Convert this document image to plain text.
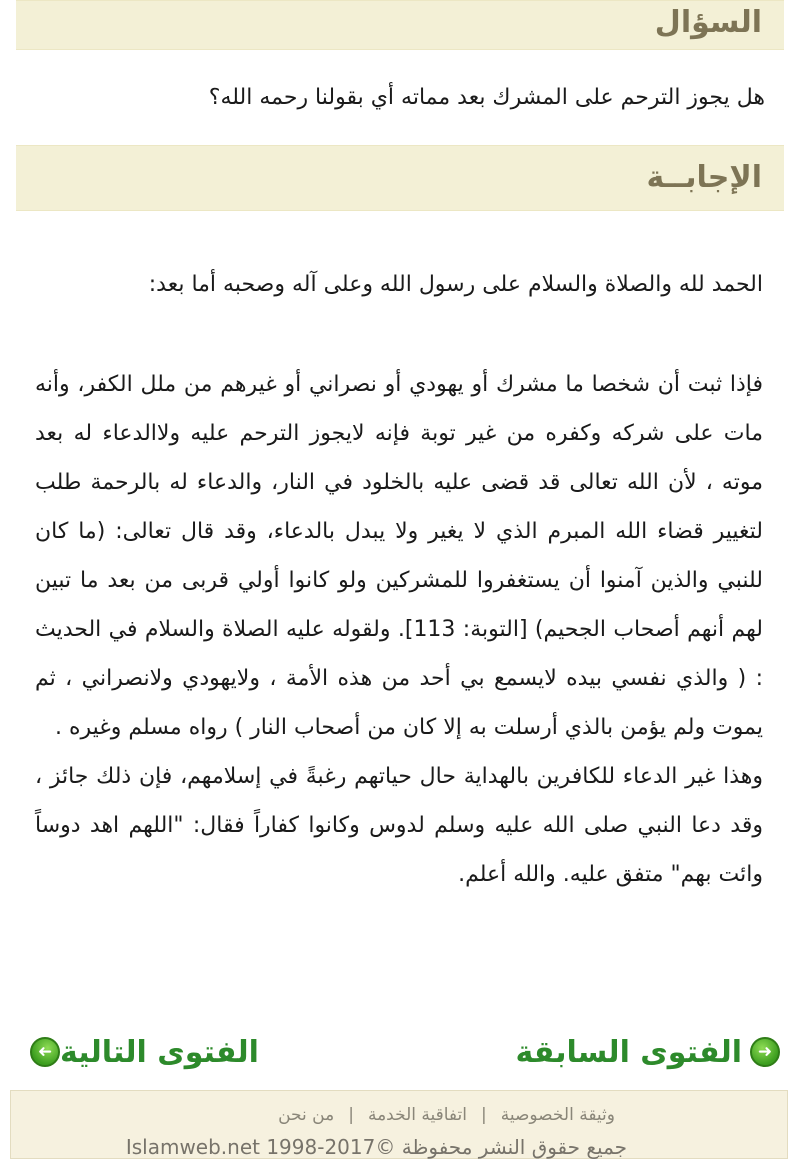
السؤال
هل يجوز الترحم على المشرك بعد مماته أي بقولنا رحمه الله؟
الإجابــة
الحمد لله والصلاة والسلام على رسول الله وعلى آله وصحبه أما بعد:

فإذا ثبت أن شخصا ما مشرك أو يهودي أو نصراني أو غيرهم من ملل الكفر، وأنه مات على شركه وكفره من غير توبة فإنه لايجوز الترحم عليه ولاالدعاء له بعد موته ، لأن الله تعالى قد قضى عليه بالخلود في النار، والدعاء له بالرحمة طلب لتغيير قضاء الله المبرم الذي لا يغير ولا يبدل بالدعاء، وقد قال تعالى: (ما كان للنبي والذين آمنوا أن يستغفروا للمشركين ولو كانوا أولي قربى من بعد ما تبين لهم أنهم أصحاب الجحيم) [التوبة: 113]. ولقوله عليه الصلاة والسلام في الحديث : ( والذي نفسي بيده لايسمع بي أحد من هذه الأمة ، ولايهودي ولانصراني ، ثم يموت ولم يؤمن بالذي أرسلت به إلا كان من أصحاب النار ) رواه مسلم وغيره .

وهذا غير الدعاء للكافرين بالهداية حال حياتهم رغبةً في إسلامهم، فإن ذلك جائز ، وقد دعا النبي صلى الله عليه وسلم لدوس وكانوا كفاراً فقال: "اللهم اهد دوساً وائت بهم" متفق عليه. والله أعلم.

➜
الفتوى السابقة
الفتوى التالية
➜
وثيقة الخصوصية|اتفاقية الخدمة|من نحن
جميع حقوق النشر محفوظة ©Islamweb.net 1998-2017
